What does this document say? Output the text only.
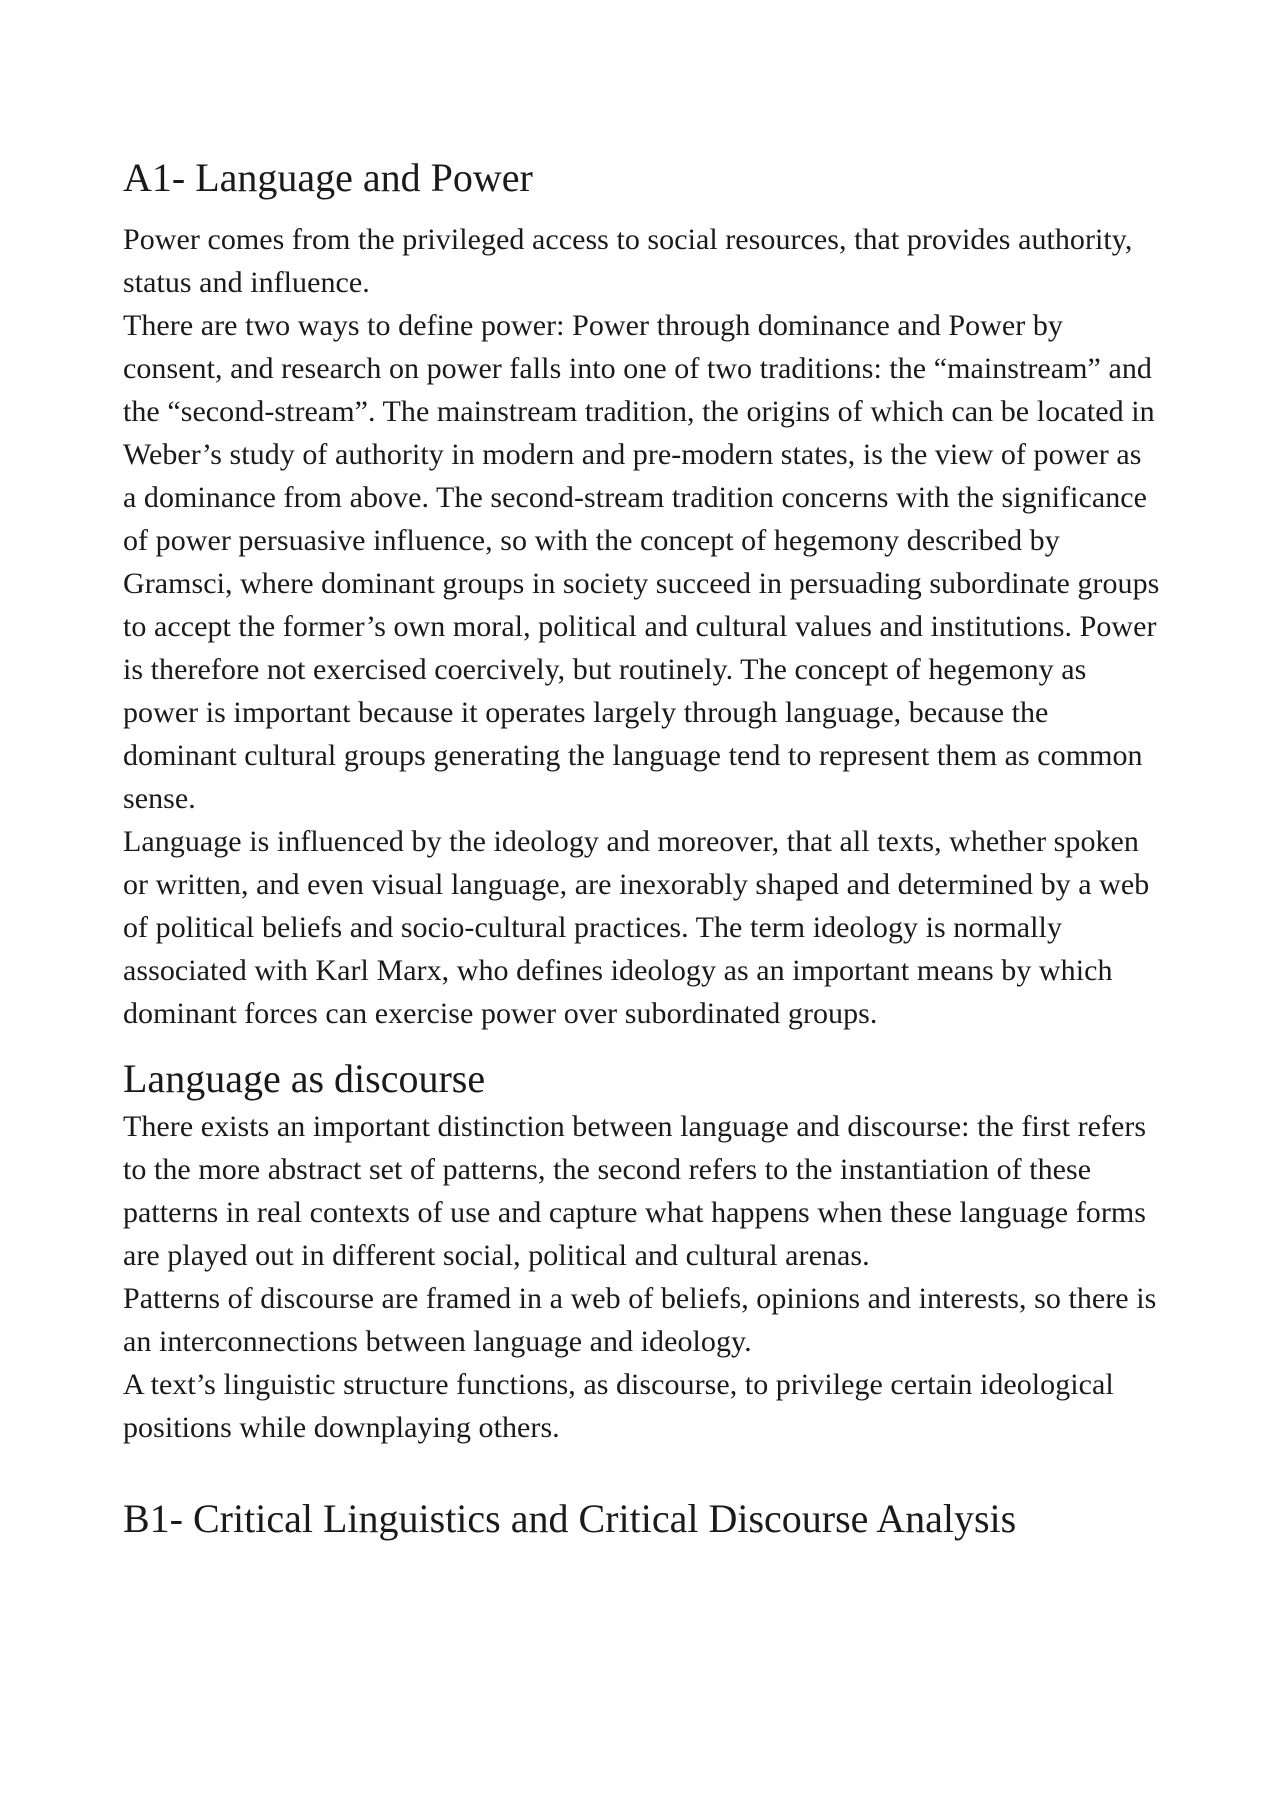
A1- Language and Power

Power comes from the privileged access to social resources, that provides authority, status and influence.

There are two ways to define power: Power through dominance and Power by consent, and research on power falls into one of two traditions: the “mainstream” and the “second-stream”. The mainstream tradition, the origins of which can be located in Weber’s study of authority in modern and pre-modern states, is the view of power as a dominance from above. The second-stream tradition concerns with the significance of power persuasive influence, so with the concept of hegemony described by Gramsci, where dominant groups in society succeed in persuading subordinate groups to accept the former’s own moral, political and cultural values and institutions. Power is therefore not exercised coercively, but routinely. The concept of hegemony as power is important because it operates largely through language, because the dominant cultural groups generating the language tend to represent them as common sense.

Language is influenced by the ideology and moreover, that all texts, whether spoken or written, and even visual language, are inexorably shaped and determined by a web of political beliefs and socio-cultural practices. The term ideology is normally associated with Karl Marx, who defines ideology as an important means by which dominant forces can exercise power over subordinated groups.

Language as discourse

There exists an important distinction between language and discourse: the first refers to the more abstract set of patterns, the second refers to the instantiation of these patterns in real contexts of use and capture what happens when these language forms are played out in different social, political and cultural arenas.

Patterns of discourse are framed in a web of beliefs, opinions and interests, so there is an interconnections between language and ideology.

A text’s linguistic structure functions, as discourse, to privilege certain ideological positions while downplaying others.

B1- Critical Linguistics and Critical Discourse Analysis
